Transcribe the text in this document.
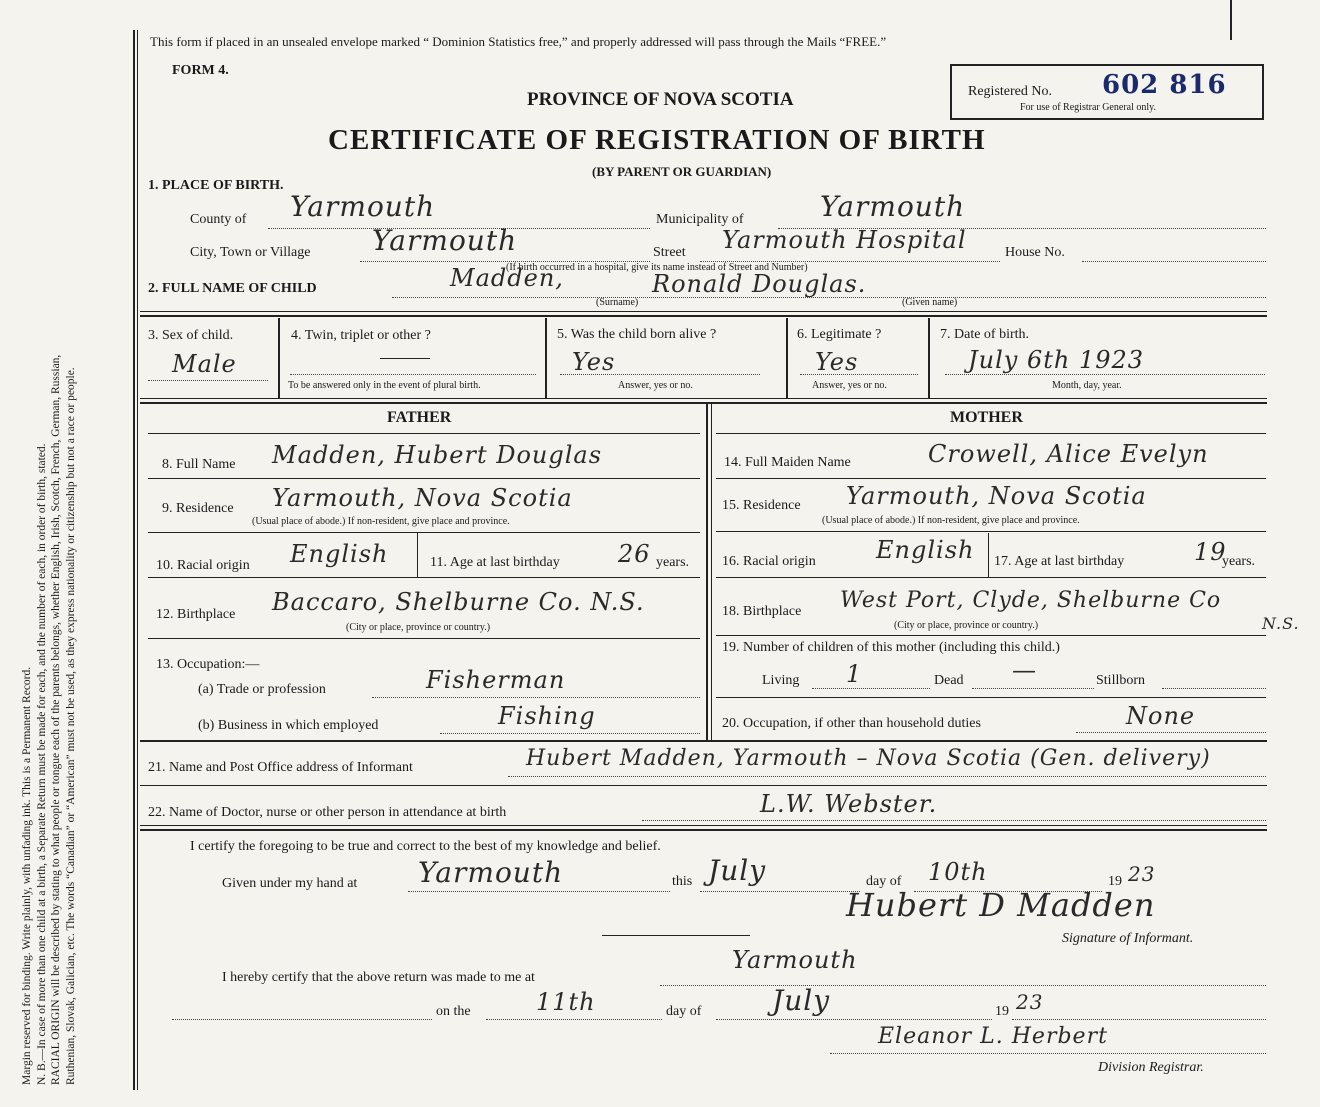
Margin reserved for binding. Write plainly, with unfading ink. This is a Permanent Record. N. B.—In case of more than one child at a birth, a Separate Return must be made for each, and the number of each, in order of birth, stated. RACIAL ORIGIN will be described by stating to what people or tongue each of the parents belongs, whether English, Irish, Scotch, French, German, Russian, Ruthenian, Slovak, Galician, etc. The words “Canadian” or “American” must not be used, as they express nationality or citizenship but not a race or people.
This form if placed in an unsealed envelope marked “ Dominion Statistics free,” and properly addressed will pass through the Mails “FREE.”
FORM 4.
PROVINCE OF NOVA SCOTIA
CERTIFICATE OF REGISTRATION OF BIRTH
(BY PARENT OR GUARDIAN)
Registered No. 602 816
For use of Registrar General only.
1. PLACE OF BIRTH.
County of Yarmouth	Municipality of	Yarmouth
City, Town or Village Yarmouth	Street Yarmouth Hospital	House No.
(If birth occurred in a hospital, give its name instead of Street and Number)
2. FULL NAME OF CHILD	Madden,	Ronald Douglas.
(Surname)	(Given name)
3. Sex of child.
Male
4. Twin, triplet or other ?
To be answered only in the event of plural birth.
5. Was the child born alive ?
Yes
Answer, yes or no.
6. Legitimate ?
Yes
Answer, yes or no.
7. Date of birth.
July 6th 1923
Month, day, year.
FATHER	MOTHER
8. Full Name Madden, Hubert Douglas
9. Residence Yarmouth, Nova Scotia
(Usual place of abode.) If non-resident, give place and province.
10. Racial origin English	11. Age at last birthday 26 years.
12. Birthplace Baccaro, Shelburne Co. N.S.
(City or place, province or country.)
13. Occupation:—
(a) Trade or profession	Fisherman
(b) Business in which employed	Fishing
14. Full Maiden Name	Crowell, Alice Evelyn
15. Residence Yarmouth, Nova Scotia
(Usual place of abode.) If non-resident, give place and province.
16. Racial origin	English 17. Age at last birthday	19
years.
18. Birthplace West Port, Clyde, Shelburne Co
N.S.
(City or place, province or country.)
19. Number of children of this mother (including this child.)
Living 1	Dead —	Stillborn
20. Occupation, if other than household duties	None
21. Name and Post Office address of Informant	Hubert Madden, Yarmouth – Nova Scotia (Gen. delivery)
22. Name of Doctor, nurse or other person in attendance at birth	L.W. Webster.
I certify the foregoing to be true and correct to the best of my knowledge and belief.
Given under my hand at Yarmouth	this July	day of 10th	19 23
Hubert D Madden
Signature of Informant.
I hereby certify that the above return was made to me at
Yarmouth
on the	11th	day of	July	19 23
Eleanor L. Herbert
Division Registrar.
